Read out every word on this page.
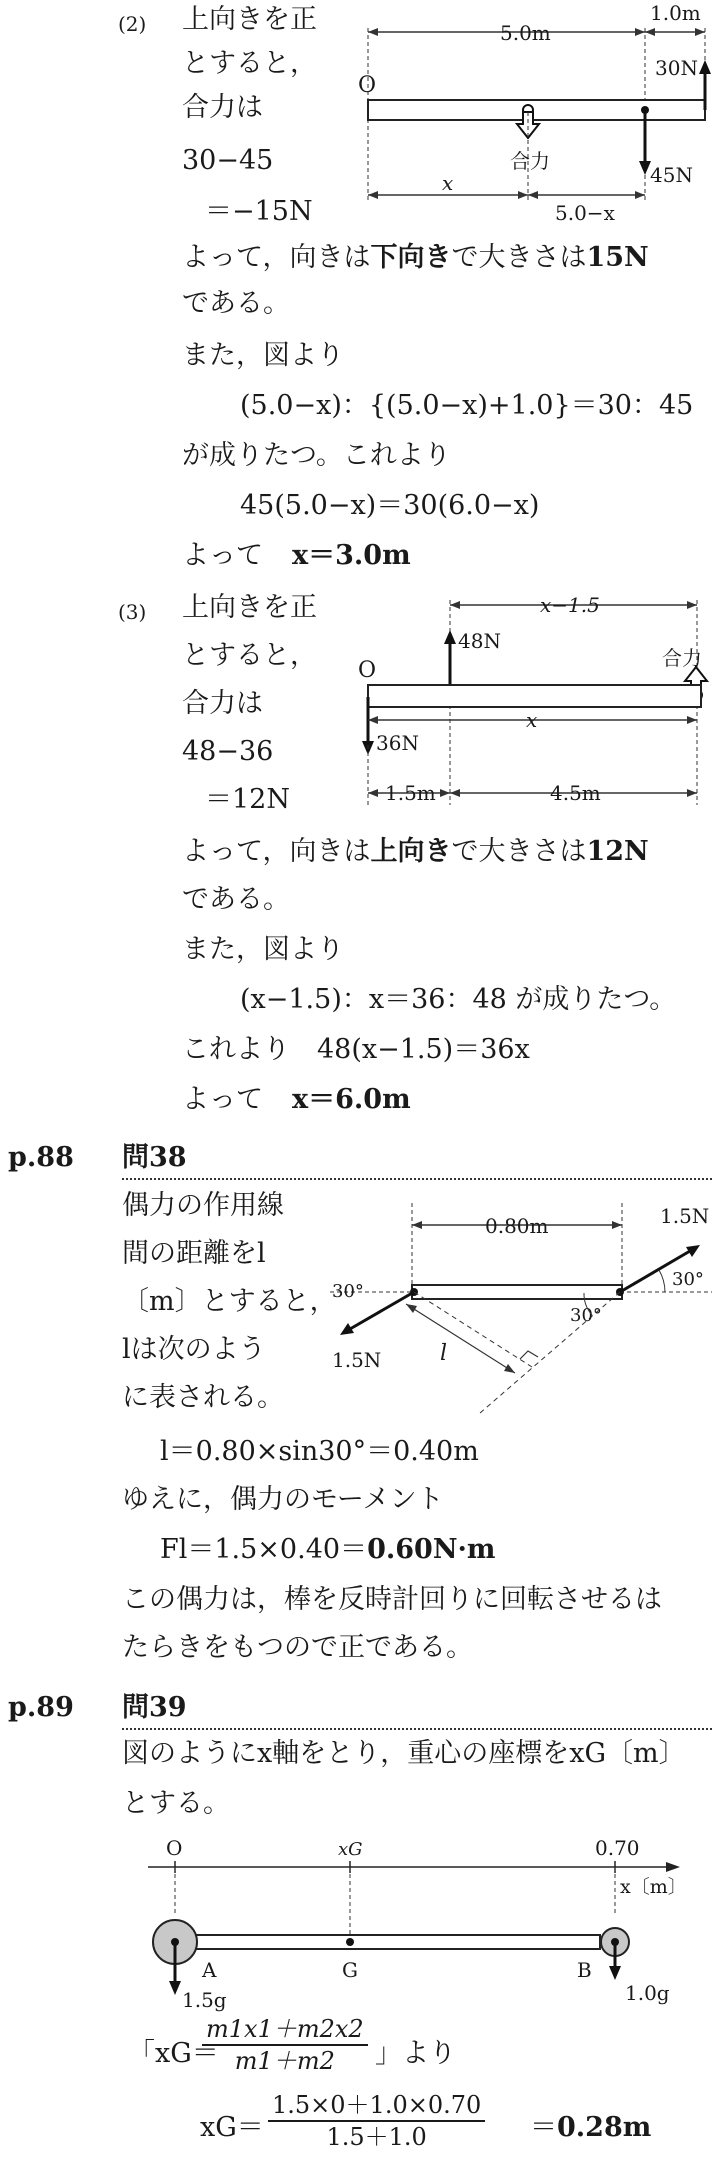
(2) 上向きを正
とすると，
合力は
30−45
＝−15N
5.0m
1.0m
O
30N
45N
合力
x
5.0−x
よって，向きは下向きで大きさは15N
である。
また，図より
(5.0−x)：{(5.0−x)+1.0}＝30：45
が成りたつ。これより
45(5.0−x)＝30(6.0−x)
よって x＝3.0m
(3) 上向きを正
とすると，
合力は
48−36
＝12N
x−1.5
48N
合力
O
36N
x
1.5m	4.5m
よって，向きは上向きで大きさは12N
である。
また，図より
(x−1.5)：x＝36：48 が成りたつ。
これより　48(x−1.5)＝36x
よって x＝6.0m
p.88 問38
偶力の作用線
間の距離をl
〔m〕とすると，
lは次のよう
に表される。
0.80m
1.5N
30°
1.5N
30°
30°
l
l＝0.80×sin30°＝0.40m
ゆえに，偶力のモーメント
Fl＝1.5×0.40＝0.60N·m
この偶力は，棒を反時計回りに回転させるは
たらきをもつので正である。
p.89 問39
図のようにx軸をとり，重心の座標をxG〔m〕
とする。
O	xG	0.70
x〔m〕
A
1.5g
G	B
1.0g
「xG＝
$\frac{m1x1+m2x2}{m1+m2}$ 」より
$xG= \frac{1.5\times 0+1.0\times 0.70}{1.5+1.0} =0.28m$
